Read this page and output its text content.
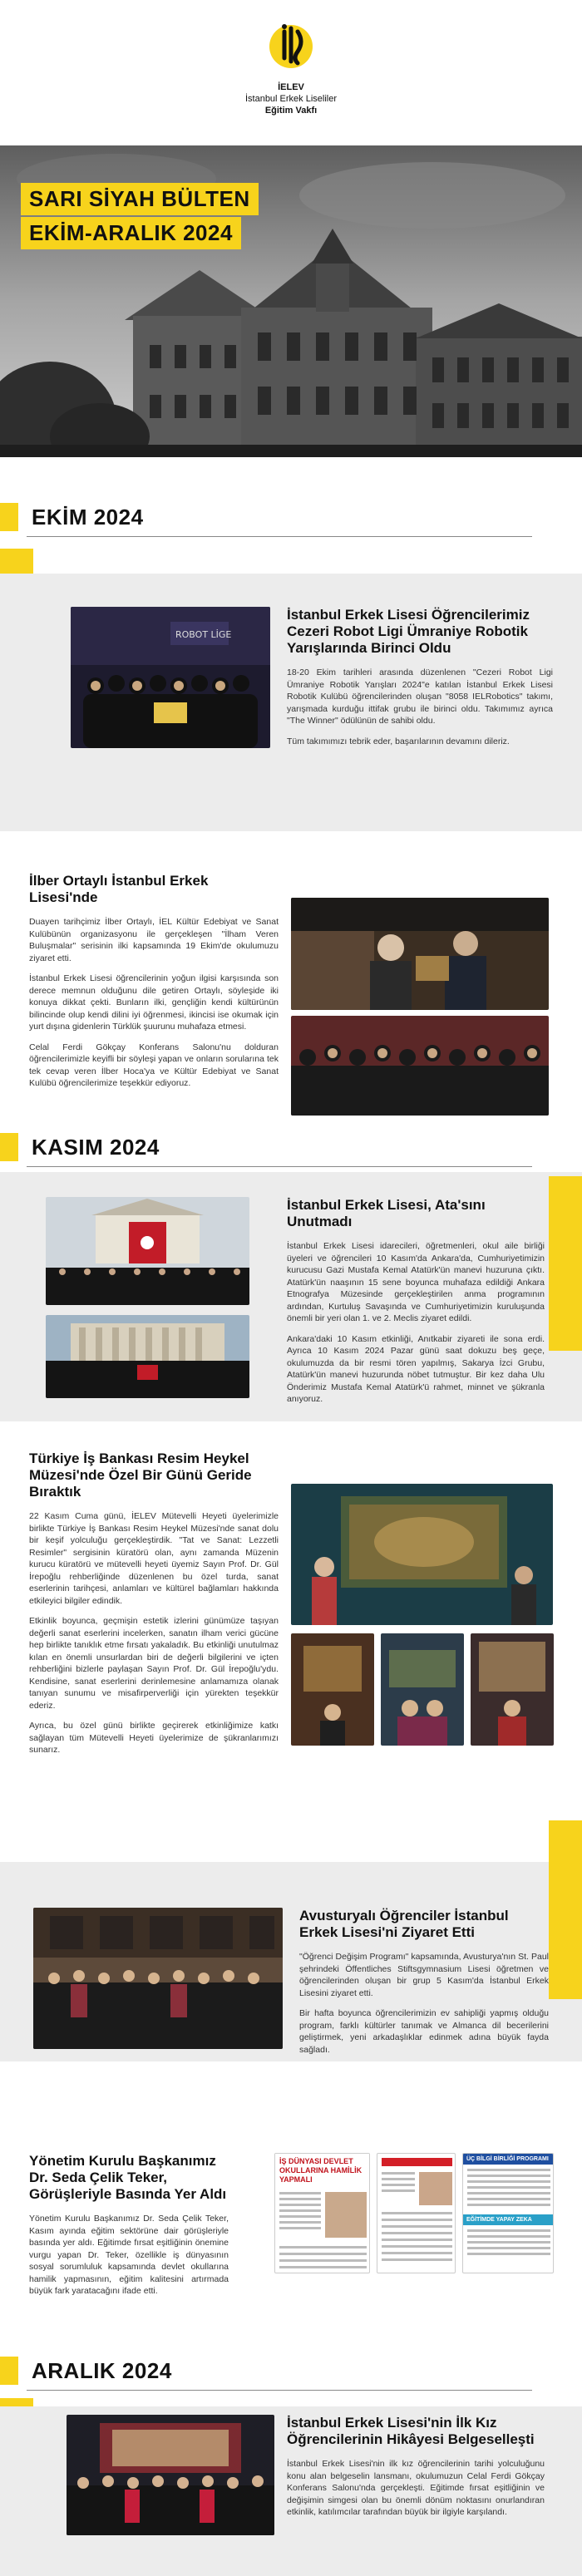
İELEV
İstanbul Erkek Liseliler
Eğitim Vakfı
SARI SİYAH BÜLTEN
EKİM-ARALIK 2024
EKİM 2024
ROBOT LİGE
İstanbul Erkek Lisesi Öğrencilerimiz Cezeri Robot Ligi Ümraniye Robotik Yarışlarında Birinci Oldu

18-20 Ekim tarihleri arasında düzenlenen "Cezeri Robot Ligi Ümraniye Robotik Yarışları 2024"e katılan İstanbul Erkek Lisesi Robotik Kulübü öğrencilerinden oluşan "8058 IELRobotics" takımı, yarışmada kurduğu ittifak grubu ile birinci oldu. Takımımız ayrıca "The Winner" ödülünün de sahibi oldu.

Tüm takımımızı tebrik eder, başarılarının devamını dileriz.

İlber Ortaylı İstanbul Erkek Lisesi'nde

Duayen tarihçimiz İlber Ortaylı, İEL Kültür Edebiyat ve Sanat Kulübünün organizasyonu ile gerçekleşen "İlham Veren Buluşmalar" serisinin ilki kapsamında 19 Ekim'de okulumuzu ziyaret etti.

İstanbul Erkek Lisesi öğrencilerinin yoğun ilgisi karşısında son derece memnun olduğunu dile getiren Ortaylı, söyleşide iki konuya dikkat çekti. Bunların ilki, gençliğin kendi kültürünün bilincinde olup kendi dilini iyi öğrenmesi, ikincisi ise okumak için yurt dışına gidenlerin Türklük şuurunu muhafaza etmesi.

Celal Ferdi Gökçay Konferans Salonu'nu dolduran öğrencilerimizle keyifli bir söyleşi yapan ve onların sorularına tek tek cevap veren İlber Hoca'ya ve Kültür Edebiyat ve Sanat Kulübü öğrencilerimize teşekkür ediyoruz.

KASIM 2024
İstanbul Erkek Lisesi, Ata'sını Unutmadı

İstanbul Erkek Lisesi idarecileri, öğretmenleri, okul aile birliği üyeleri ve öğrencileri 10 Kasım'da Ankara'da, Cumhuriyetimizin kurucusu Gazi Mustafa Kemal Atatürk'ün manevi huzuruna çıktı. Atatürk'ün naaşının 15 sene boyunca muhafaza edildiği Ankara Etnografya Müzesinde gerçekleştirilen anma programının ardından, Kurtuluş Savaşında ve Cumhuriyetimizin kuruluşunda önemli bir yeri olan 1. ve 2. Meclis ziyaret edildi.

Ankara'daki 10 Kasım etkinliği, Anıtkabir ziyareti ile sona erdi. Ayrıca 10 Kasım 2024 Pazar günü saat dokuzu beş geçe, okulumuzda da bir resmi tören yapılmış, Sakarya İzci Grubu, Atatürk'ün manevi huzurunda nöbet tutmuştur. Bir kez daha Ulu Önderimiz Mustafa Kemal Atatürk'ü rahmet, minnet ve şükranla anıyoruz.

Türkiye İş Bankası Resim Heykel Müzesi'nde Özel Bir Günü Geride Bıraktık

22 Kasım Cuma günü, İELEV Mütevelli Heyeti üyelerimizle birlikte Türkiye İş Bankası Resim Heykel Müzesi'nde sanat dolu bir keşif yolculuğu gerçekleştirdik. "Tat ve Sanat: Lezzetli Resimler" sergisinin küratörü olan, aynı zamanda Müzenin kurucu küratörü ve mütevelli heyeti üyemiz Sayın Prof. Dr. Gül İrepoğlu rehberliğinde düzenlenen bu özel turda, sanat eserlerinin tarihçesi, anlamları ve kültürel bağlamları hakkında etkileyici bilgiler edindik.

Etkinlik boyunca, geçmişin estetik izlerini günümüze taşıyan değerli sanat eserlerini incelerken, sanatın ilham verici gücüne hep birlikte tanıklık etme fırsatı yakaladık. Bu etkinliği unutulmaz kılan en önemli unsurlardan biri de değerli bilgilerini ve içten rehberliğini bizlerle paylaşan Sayın Prof. Dr. Gül İrepoğlu'ydu. Kendisine, sanat eserlerini derinlemesine anlamamıza olanak tanıyan sunumu ve misafirperverliği için yürekten teşekkür ederiz.

Ayrıca, bu özel günü birlikte geçirerek etkinliğimize katkı sağlayan tüm Mütevelli Heyeti üyelerimize de şükranlarımızı sunarız.

Avusturyalı Öğrenciler İstanbul Erkek Lisesi'ni Ziyaret Etti

"Öğrenci Değişim Programı" kapsamında, Avusturya'nın St. Paul şehrindeki Öffentliches Stiftsgymnasium Lisesi öğretmen ve öğrencilerinden oluşan bir grup 5 Kasım'da İstanbul Erkek Lisesini ziyaret etti.

Bir hafta boyunca öğrencilerimizin ev sahipliği yapmış olduğu program, farklı kültürler tanımak ve Almanca dil becerilerini geliştirmek, yeni arkadaşlıklar edinmek adına büyük fayda sağladı.

Yönetim Kurulu Başkanımız Dr. Seda Çelik Teker, Görüşleriyle Basında Yer Aldı

Yönetim Kurulu Başkanımız Dr. Seda Çelik Teker, Kasım ayında eğitim sektörüne dair görüşleriyle basında yer aldı. Eğitimde fırsat eşitliğinin önemine vurgu yapan Dr. Teker, özellikle iş dünyasının sosyal sorumluluk kapsamında devlet okullarına hamilik yapmasının, eğitim kalitesini artırmada büyük fark yaratacağını ifade etti.

İŞ DÜNYASI DEVLET OKULLARINA HAMİLİK YAPMALI
ÜÇ BİLGİ BİRLİĞİ PROGRAMI
EĞİTİMDE YAPAY ZEKA
ARALIK 2024
İstanbul Erkek Lisesi'nin İlk Kız Öğrencilerinin Hikâyesi Belgeselleşti

İstanbul Erkek Lisesi'nin ilk kız öğrencilerinin tarihi yolculuğunu konu alan belgeselin lansmanı, okulumuzun Celal Ferdi Gökçay Konferans Salonu'nda gerçekleşti. Eğitimde fırsat eşitliğinin ve değişimin simgesi olan bu önemli dönüm noktasını onurlandıran etkinlik, katılımcılar tarafından büyük bir ilgiyle karşılandı.
